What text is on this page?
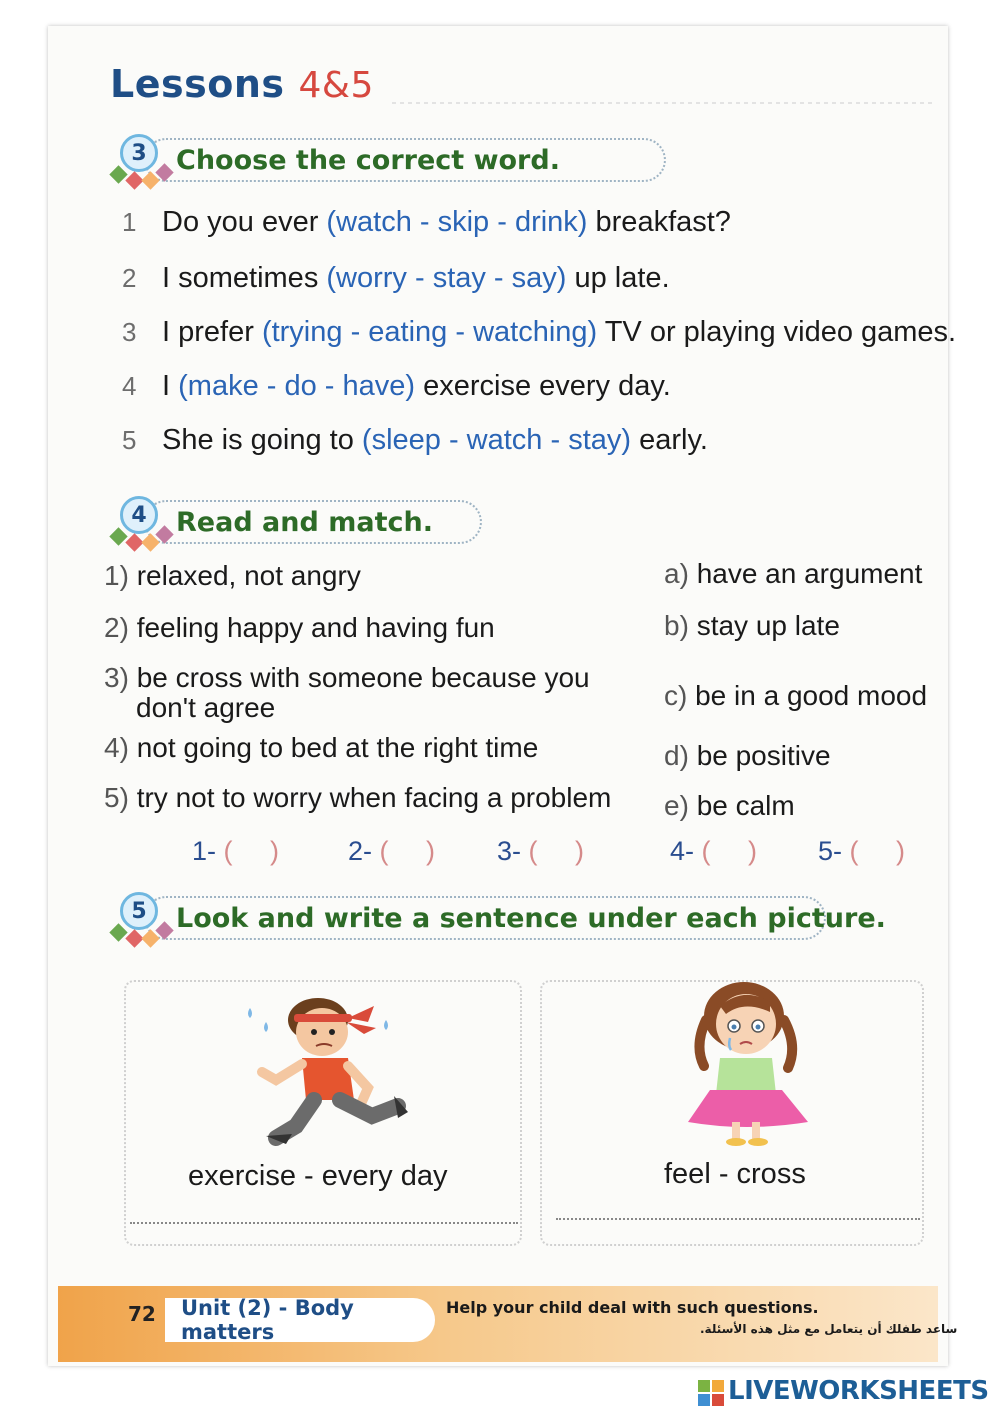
Lessons 4&5
Choose the correct word.
3
1 Do you ever (watch - skip - drink) breakfast?
2 I sometimes (worry - stay - say) up late.
3 I prefer (trying - eating - watching) TV or playing video games.
4 I (make - do - have) exercise every day.
5 She is going to (sleep - watch - stay) early.
Read and match.
4
1) relaxed, not angry
2) feeling happy and having fun
3) be cross with someone because you
don't agree
4) not going to bed at the right time
5) try not to worry when facing a problem
a) have an argument
b) stay up late
c) be in a good mood
d) be positive
e) be calm
1- (     )	2- (     ) 3- (     )	4- (     ) 5- (     )
Look and write a sentence under each picture.
5
exercise - every day	feel - cross
72	Unit (2) - Body matters
Help your child deal with such questions.
ساعد طفلك أن يتعامل مع مثل هذه الأسئلة.
LIVEWORKSHEETS
